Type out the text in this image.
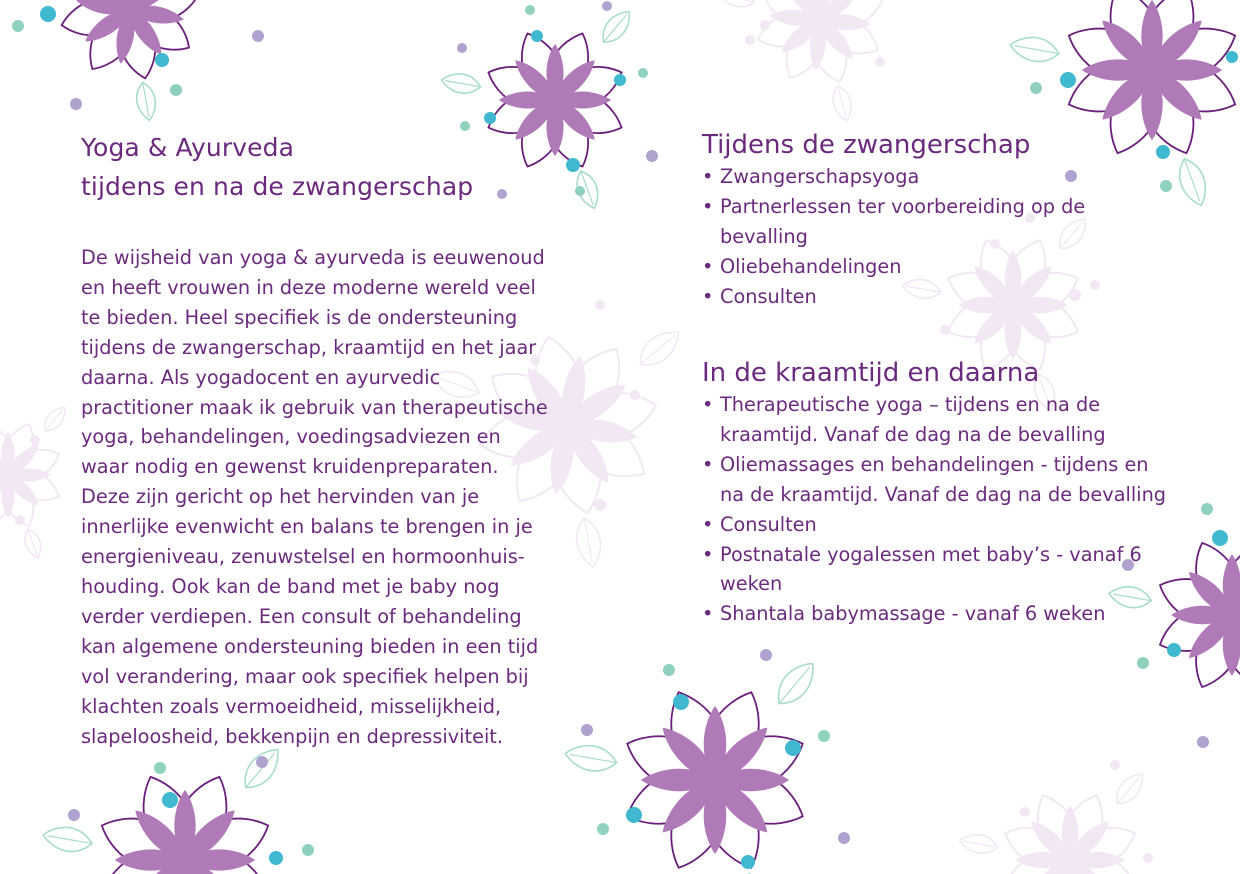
Yoga & Ayurveda
tijdens en na de zwangerschap

De wijsheid van yoga & ayurveda is eeuwenoud en heeft vrouwen in deze moderne wereld veel te bieden. Heel specifiek is de ondersteuning tijdens de zwangerschap, kraamtijd en het jaar daarna. Als yogadocent en ayurvedic practitioner maak ik gebruik van therapeutische yoga, behandelingen, voedingsadviezen en waar nodig en gewenst kruidenpreparaten.

Deze zijn gericht op het hervinden van je innerlijke evenwicht en balans te brengen in je energieniveau, zenuwstelsel en hormoonhuis-houding. Ook kan de band met je baby nog verder verdiepen. Een consult of behandeling kan algemene ondersteuning bieden in een tijd vol verandering, maar ook specifiek helpen bij klachten zoals vermoeidheid, misselijkheid, slapeloosheid, bekkenpijn en depressiviteit.

Tijdens de zwangerschap
• Zwangerschapsyoga
• Partnerlessen ter voorbereiding op de bevalling
• Oliebehandelingen
• Consulten
In de kraamtijd en daarna
• Therapeutische yoga – tijdens en na de kraamtijd. Vanaf de dag na de bevalling
• Oliemassages en behandelingen - tijdens en na de kraamtijd. Vanaf de dag na de bevalling
• Consulten
• Postnatale yogalessen met baby’s - vanaf 6 weken
• Shantala babymassage - vanaf 6 weken
